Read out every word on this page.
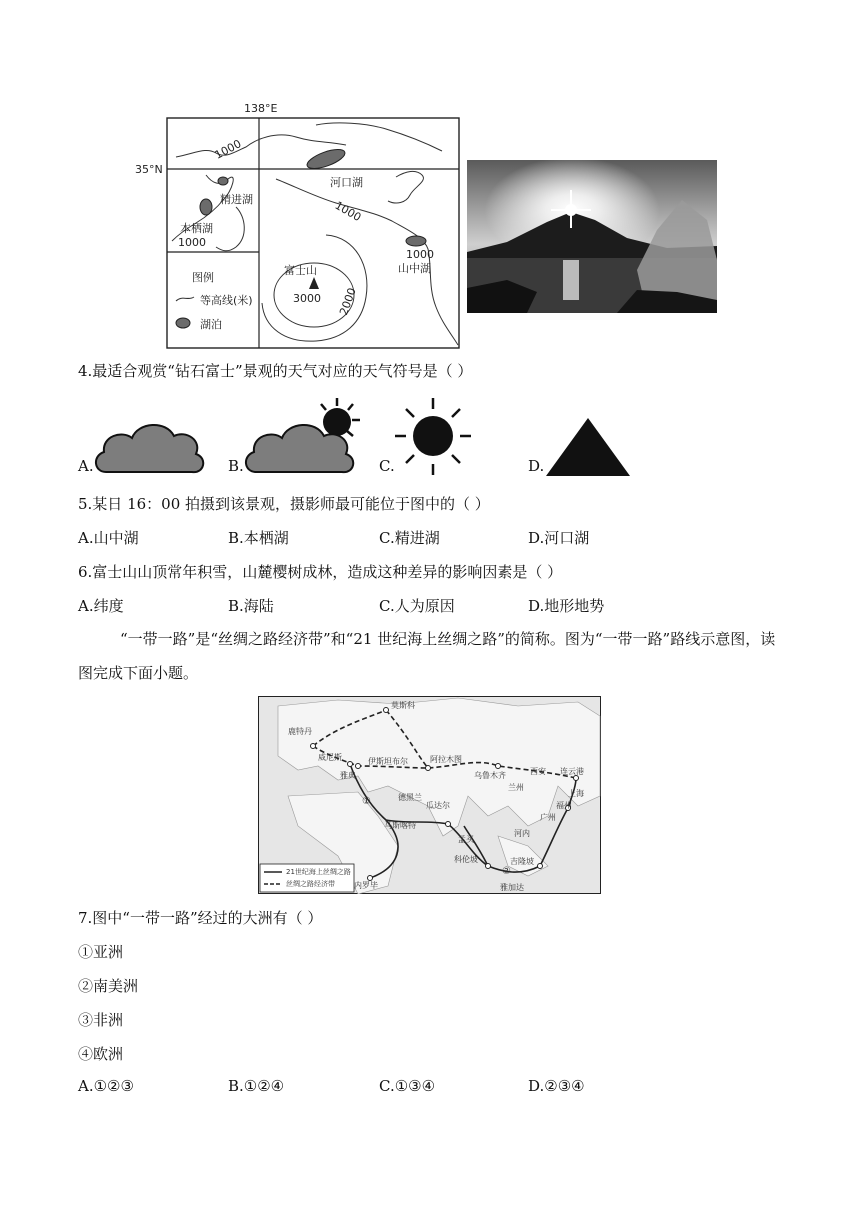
138°E
35°N
1000
河口湖
精进湖	1000
本栖湖
1000
1000
山中湖
富士山
3000 2000
图例
等高线(米)
湖泊
4.最适合观赏“钻石富士”景观的天气对应的天气符号是（ ）
A.	B.	C.	D.
5.某日 16：00 拍摄到该景观，摄影师最可能位于图中的（ ）
A.山中湖	B.本栖湖	C.精进湖	D.河口湖
6.富士山山顶常年积雪，山麓樱树成林，造成这种差异的影响因素是（ ）
A.纬度	B.海陆	C.人为原因	D.地形地势
“一带一路”是“丝绸之路经济带”和“21 世纪海上丝绸之路”的简称。图为“一带一路”路线示意图，读图完成下面小题。
莫斯科
鹿特丹
威尼斯
雅典
伊斯坦布尔	阿拉木图
乌鲁木齐
兰州
西安 连云港
上海
福州
广州
德黑兰
瓜达尔
马斯喀特
孟买
科伦坡
河内
吉隆坡
雅加达
内罗毕
①
②
21世纪海上丝绸之路
丝绸之路经济带
7.图中“一带一路”经过的大洲有（ ）
①亚洲
②南美洲
③非洲
④欧洲
A.①②③	B.①②④	C.①③④	D.②③④
